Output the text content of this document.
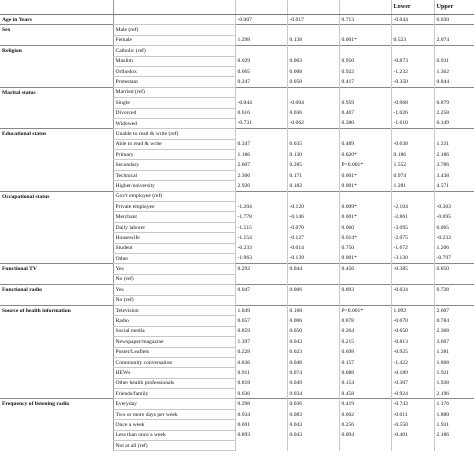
					Lower	Upper
Age in Years		-0.007	-0.017	0.713	-0.044	0.030
Sex	Male (ref)					
	Female	1.298	0.138	0.001*	0.523	2.074
Religion	Catholic (ref)					
	Muslim	0.029	0.003	0.950	-0.873	0.931
	Orthodox	0.065	0.008	0.922	-1.232	1.362
	Protestant	0.247	0.058	0.417	-0.350	0.844
Marital status	Married (ref)					
	Single	-0.044	-0.004	0.959	-0.968	0.879
	Divorced	0.616	0.036	0.407	-1.026	2.258
	Widowed	-0.731	-0.062	0.380	-1.610	0.149
Educational status	Unable to read & write (ref)					
	Able to read & write	0.347	0.035	0.489	-0.638	1.331
	Primary	1.186	0.130	0.020*	0.186	2.186
	Secondary	2.607	0.285	P<0.001*	1.552	3.786
	Technical	2.306	0.171	0.001*	0.974	3.438
	Higher/university	2.926	0.182	0.001*	1.281	4.571
Occupational status	Gov't employee (ref)					
	Private employee	-1.204	-0.120	0.009*	-2.104	-0.303
	Merchant	-1.778	-0.146	0.001*	-2.861	-0.695
	Daily laborer	-1.515	-0.070	0.060	-3.095	0.065
	Housewife	-1.154	-0.127	0.014*	-2.075	-0.233
	Student	-0.233	-0.014	0.750	-1.672	1.206
	Other	-1.963	-0.139	0.001*	-3.130	-0.797
Functional TV	Yes	0.292	0.044	0.456	-0.385	0.850
	No (ref)					
Functional radio	Yes	0.047	0.006	0.893	-0.634	0.728
	No (ref)					
Source of health information	Television	1.849	0.168	P<0.001*	1.092	2.607
	Radio	0.057	0.006	0.878	-0.670	0.784
	Social media	0.859	0.050	0.264	-0.650	2.368
	Newspaper/magazine	1.397	0.043	0.215	-0.813	3.607
	Poster/Leaflets	0.228	0.023	0.698	-0.925	1.381
	Community conversation	0.836	0.048	0.157	-1.422	1.868
	HEWs	0.911	0.074	0.088	-0.189	1.921
	Other health professionals	0.818	0.049	0.154	-0.307	1.938
	Friends/family	0.636	0.034	0.458	-0.924	2.196
Frequency of listening radio	Everyday	0.298	0.036	0.419	-0.743	1.176
	Two or more days per week	0.934	0.083	0.062	-0.011	1.880
	Once a week	0.691	0.043	0.256	-0.550	1.931
	Less than once a week	0.893	0.043	0.094	-0.401	2.186
	Not at all (ref)					
